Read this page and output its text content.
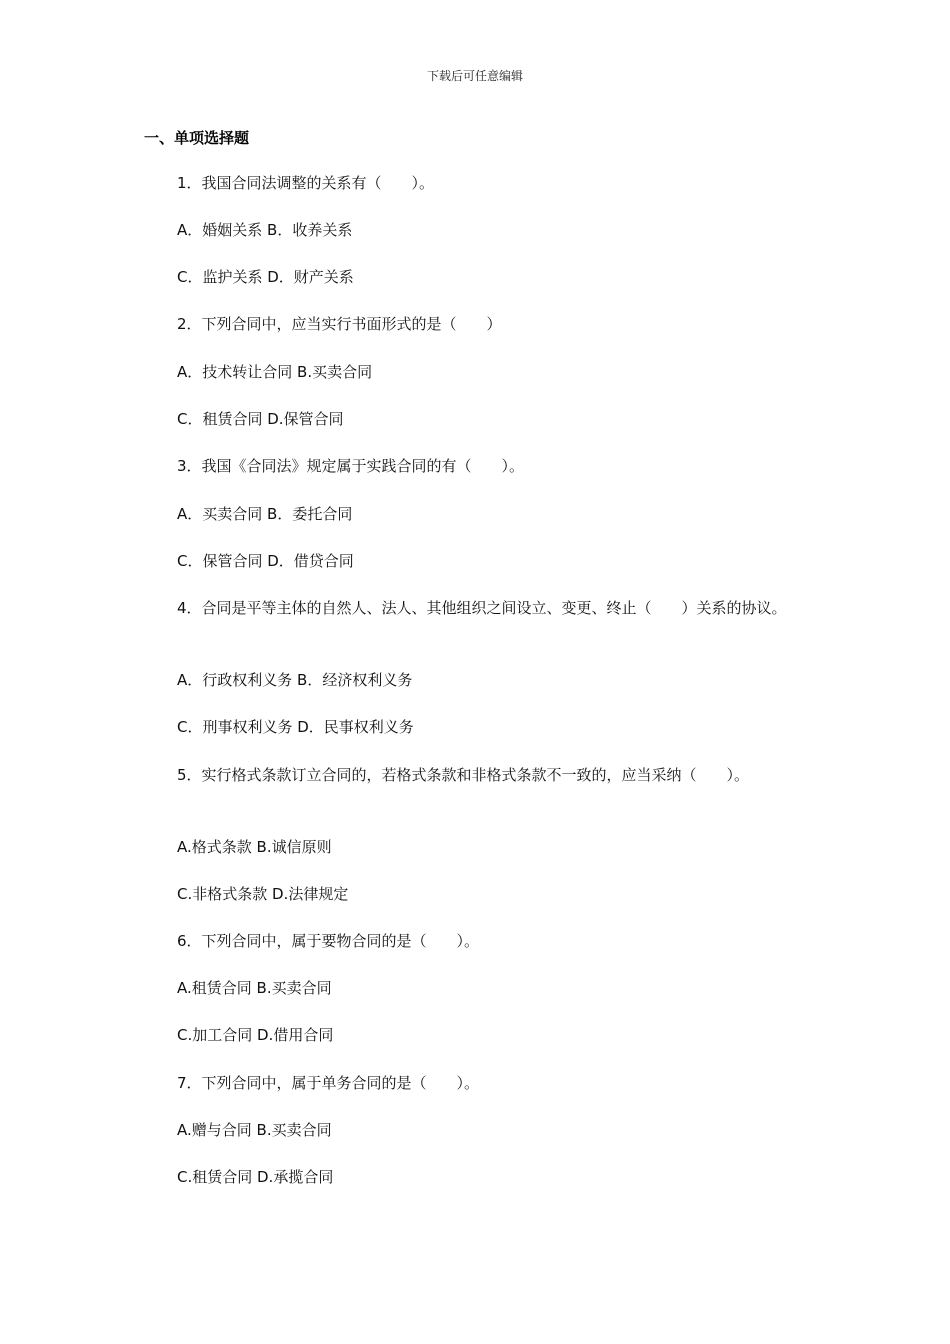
下载后可任意编辑
一、单项选择题
1．我国合同法调整的关系有（　　）。
A．婚姻关系 B．收养关系
C．监护关系 D．财产关系
2．下列合同中，应当实行书面形式的是（　　）
A．技术转让合同 B.买卖合同
C．租赁合同 D.保管合同
3．我国《合同法》规定属于实践合同的有（　　）。
A．买卖合同 B．委托合同
C．保管合同 D．借贷合同
4．合同是平等主体的自然人、法人、其他组织之间设立、变更、终止（　　）关系的协议。
A．行政权利义务 B．经济权利义务
C．刑事权利义务 D．民事权利义务
5．实行格式条款订立合同的，若格式条款和非格式条款不一致的，应当采纳（　　）。
A.格式条款 B.诚信原则
C.非格式条款 D.法律规定
6．下列合同中，属于要物合同的是（　　）。
A.租赁合同 B.买卖合同
C.加工合同 D.借用合同
7．下列合同中，属于单务合同的是（　　）。
A.赠与合同 B.买卖合同
C.租赁合同 D.承揽合同
